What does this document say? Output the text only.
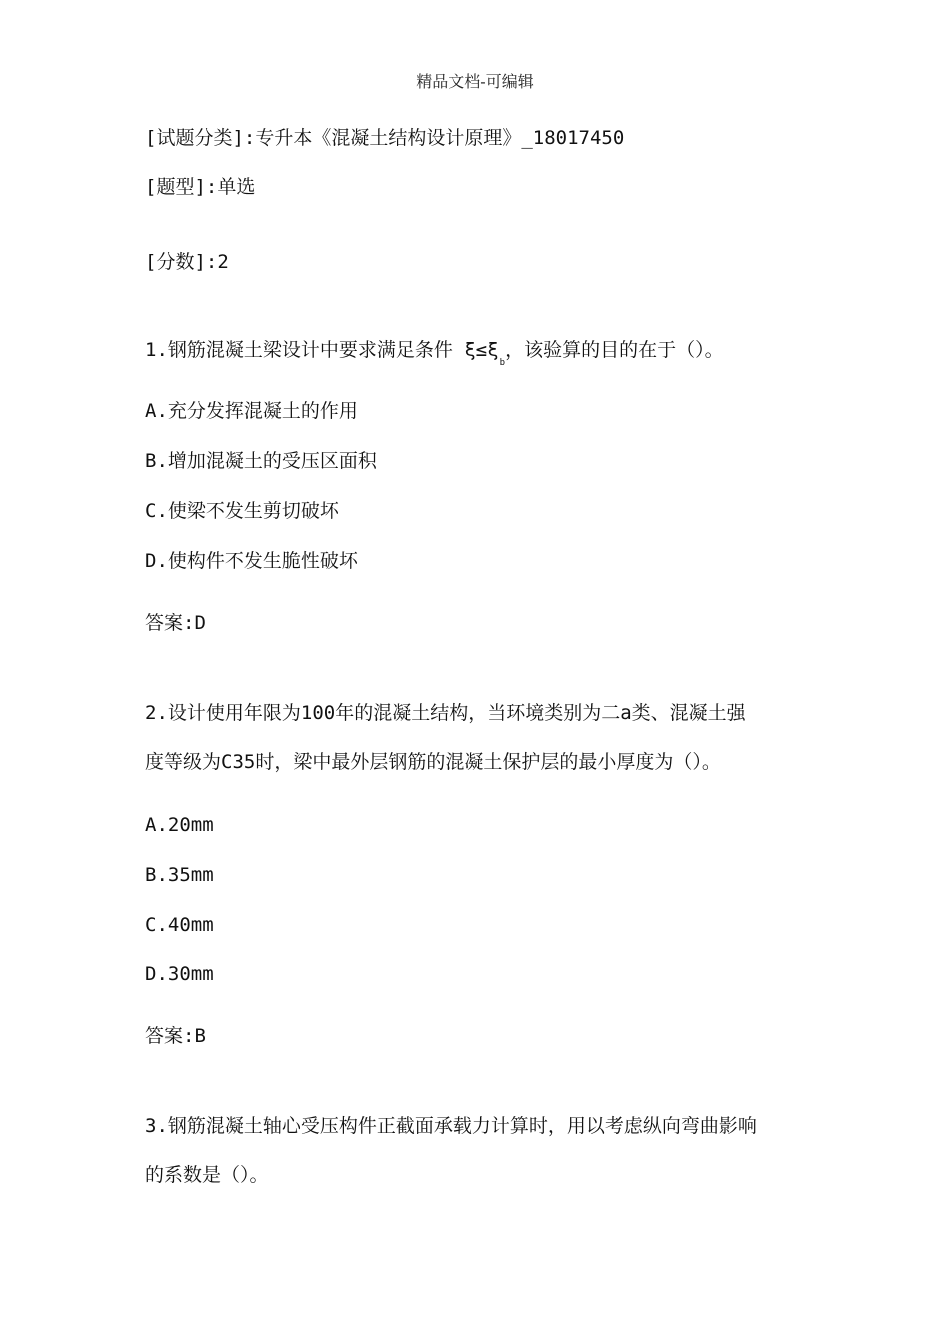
精品文档-可编辑
[试题分类]:专升本《混凝土结构设计原理》_18017450
[题型]:单选
[分数]:2
1.钢筋混凝土梁设计中要求满足条件 $\xi\le\xi_b$，该验算的目的在于（）。
A.充分发挥混凝土的作用
B.增加混凝土的受压区面积
C.使梁不发生剪切破坏
D.使构件不发生脆性破坏
答案:D
2.设计使用年限为100年的混凝土结构，当环境类别为二a类、混凝土强
度等级为C35时，梁中最外层钢筋的混凝土保护层的最小厚度为（）。
A.20mm
B.35mm
C.40mm
D.30mm
答案:B
3.钢筋混凝土轴心受压构件正截面承载力计算时，用以考虑纵向弯曲影响
的系数是（）。
